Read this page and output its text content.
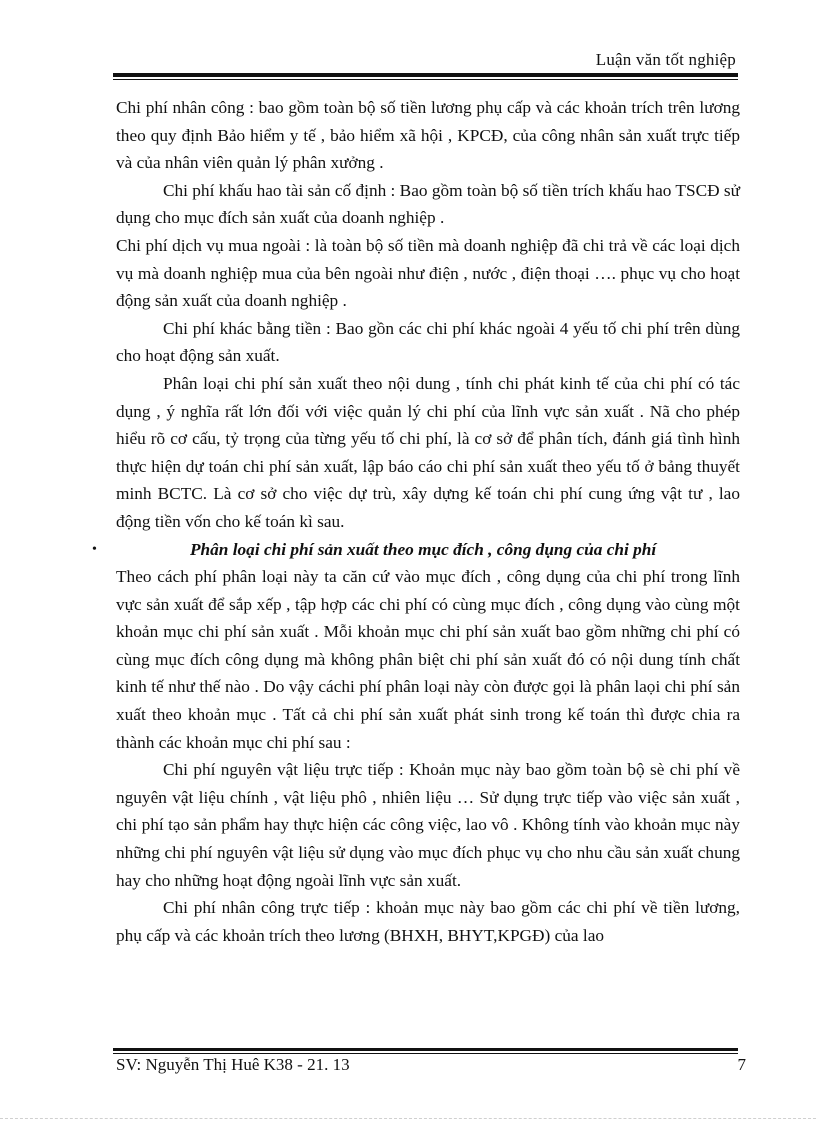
Luận văn tốt nghiệp

Chi phí nhân công : bao gồm toàn bộ số tiền lương phụ cấp và các khoản trích trên lương theo quy định Bảo hiểm y tế , bảo hiểm xã hội , KPCĐ, của công nhân sản xuất trực tiếp và của nhân viên quản lý phân xưởng .

Chi phí khấu hao tài sản cố định : Bao gồm toàn bộ số tiền trích khấu hao TSCĐ sử dụng cho mục đích sản xuất của doanh nghiệp .

Chi phí dịch vụ mua ngoài : là toàn bộ số tiền mà doanh nghiệp đã chi trả về các loại dịch vụ mà doanh nghiệp mua của bên ngoài như điện , nước , điện thoại …. phục vụ cho hoạt động sản xuất của doanh nghiệp .

Chi phí khác bằng tiền : Bao gồn các chi phí khác ngoài 4 yếu tố chi phí trên dùng cho hoạt động sản xuất.

Phân loại chi phí sản xuất theo nội dung , tính chi phát kinh tế của chi phí có tác dụng , ý nghĩa rất lớn đối với việc quản lý chi phí của lĩnh vực sản xuất . Nã cho phép hiểu rõ cơ cấu, tỷ trọng của từng yếu tố chi phí, là cơ sở để phân tích, đánh giá tình hình thực hiện dự toán chi phí sản xuất, lập báo cáo chi phí sản xuất theo yếu tố ở bảng thuyết minh BCTC. Là cơ sở cho việc dự trù, xây dựng kế toán chi phí cung ứng vật tư , lao động tiền vốn cho kế toán kì sau.

•	Phân loại chi phí sản xuất theo mục đích , công dụng của chi phí

Theo cách phí phân loại này ta căn cứ vào mục đích , công dụng của chi phí trong lĩnh vực sản xuất để sắp xếp , tập hợp các chi phí có cùng mục đích , công dụng vào cùng một khoản mục chi phí sản xuất . Mỗi khoản mục chi phí sản xuất bao gồm những chi phí có cùng mục đích công dụng mà không phân biệt chi phí sản xuất đó có nội dung tính chất kinh tế như thế nào . Do vậy cáchi phí phân loại này còn được gọi là phân laọi chi phí sản xuất theo khoản mục . Tất cả chi phí sản xuất phát sinh trong kế toán thì được chia ra thành các khoản mục chi phí sau :

Chi phí nguyên vật liệu trực tiếp : Khoản mục này bao gồm toàn bộ sè chi phí về nguyên vật liệu chính , vật liệu phô , nhiên liệu … Sử dụng trực tiếp vào việc sản xuất , chi phí tạo sản phẩm hay thực hiện các công việc, lao vô . Không tính vào khoản mục này những chi phí nguyên vật liệu sử dụng vào mục đích phục vụ cho nhu cầu sản xuất chung hay cho những hoạt động ngoài lĩnh vực sản xuất.

Chi phí nhân công trực tiếp : khoản mục này bao gồm các chi phí về tiền lương, phụ cấp và các khoản trích theo lương (BHXH, BHYT,KPGĐ) của lao

SV: Nguyễn Thị Huê K38 - 21. 13	7
